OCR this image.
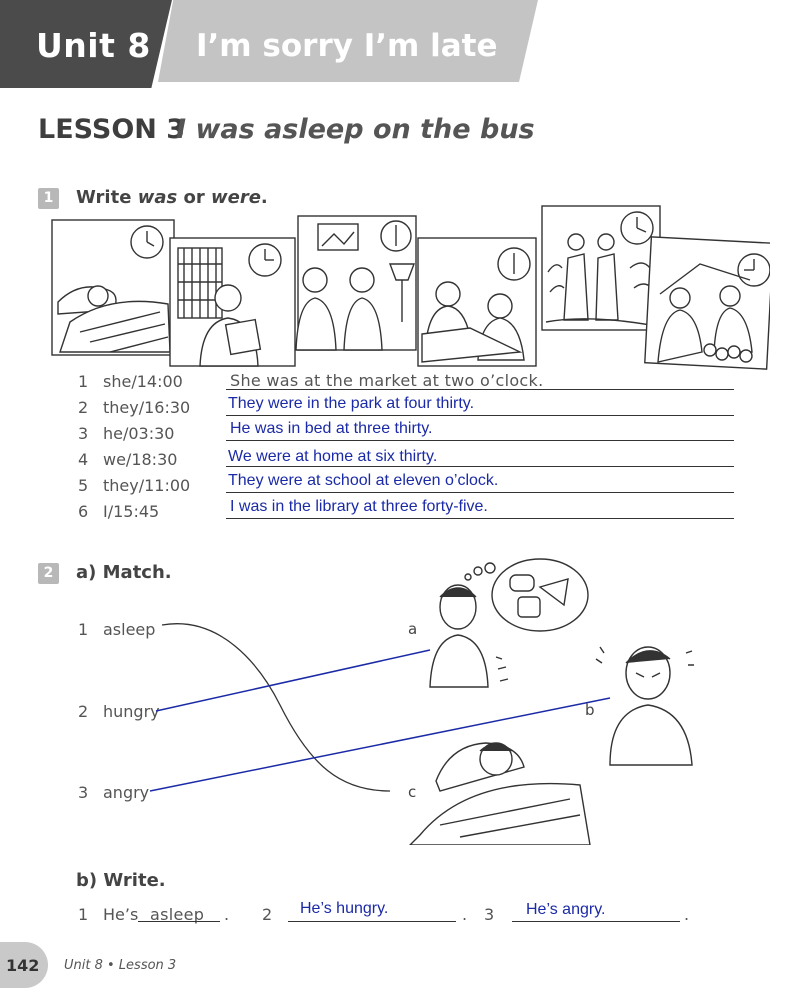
Unit 8 I’m sorry I’m late
LESSON 3
I was asleep on the bus
1	Write was or were.
1 she/14:00	She was at the market at two o’clock.
2 they/16:30 They were in the park at four thirty.
3 he/03:30	He was in bed at three thirty.
4 we/18:30	We were at home at six thirty.
5 they/11:00 They were at school at eleven o’clock.
6 I/15:45	I was in the library at three forty-five.
2	a) Match.
1 asleep
2 hungry
3 angry
a
b
c
b) Write.
1 He’s asleep . 2 He’s hungry.	. 3 He’s angry.	.
142 Unit 8 • Lesson 3
